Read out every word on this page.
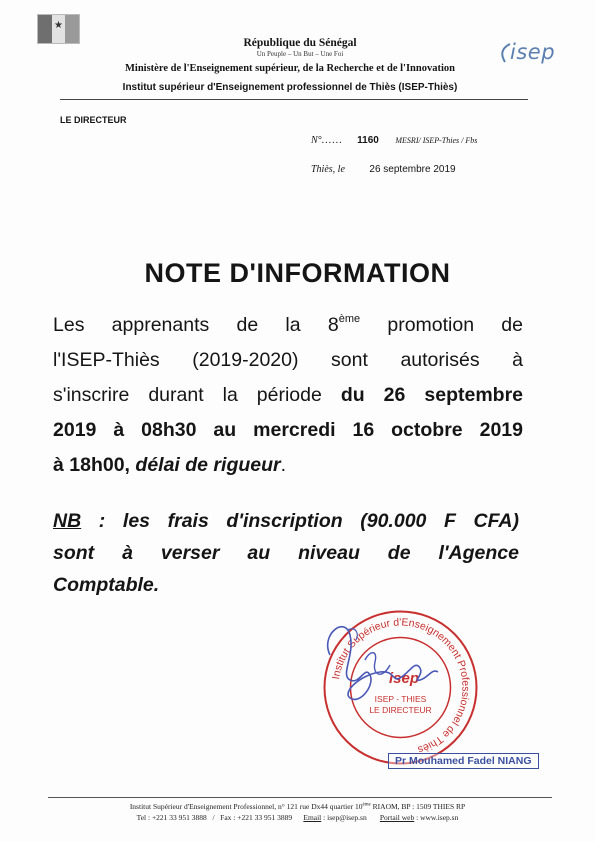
★
République du Sénégal
Un Peuple – Un But – Une Foi
Ministère de l'Enseignement supérieur, de la Recherche et de l'Innovation
Institut supérieur d'Enseignement professionnel de Thiès (ISEP-Thiès)
isep
LE DIRECTEUR
N°...... 1160 MESRI/ ISEP-Thies / Fbs
Thiès, le 26 septembre 2019
NOTE D'INFORMATION
Les apprenants de la 8ème promotion de
l'ISEP-Thiès (2019-2020) sont autorisés à
s'inscrire durant la période du 26 septembre
2019 à 08h30 au mercredi 16 octobre 2019
à 18h00, délai de rigueur.
NB : les frais d'inscription (90.000 F CFA)
sont à verser au niveau de l'Agence
Comptable.
Institut Supérieur d'Enseignement Professionnel de Thiès
isep
ISEP - THIES
LE DIRECTEUR
Pr Mouhamed Fadel NIANG
Institut Supérieur d'Enseignement Professionnel, n° 121 rue Dx44 quartier 10ème RIAOM, BP : 1509 THIES RP
Tel : +221 33 951 3888 / Fax : +221 33 951 3889 Email : isep@isep.sn Portail web : www.isep.sn
